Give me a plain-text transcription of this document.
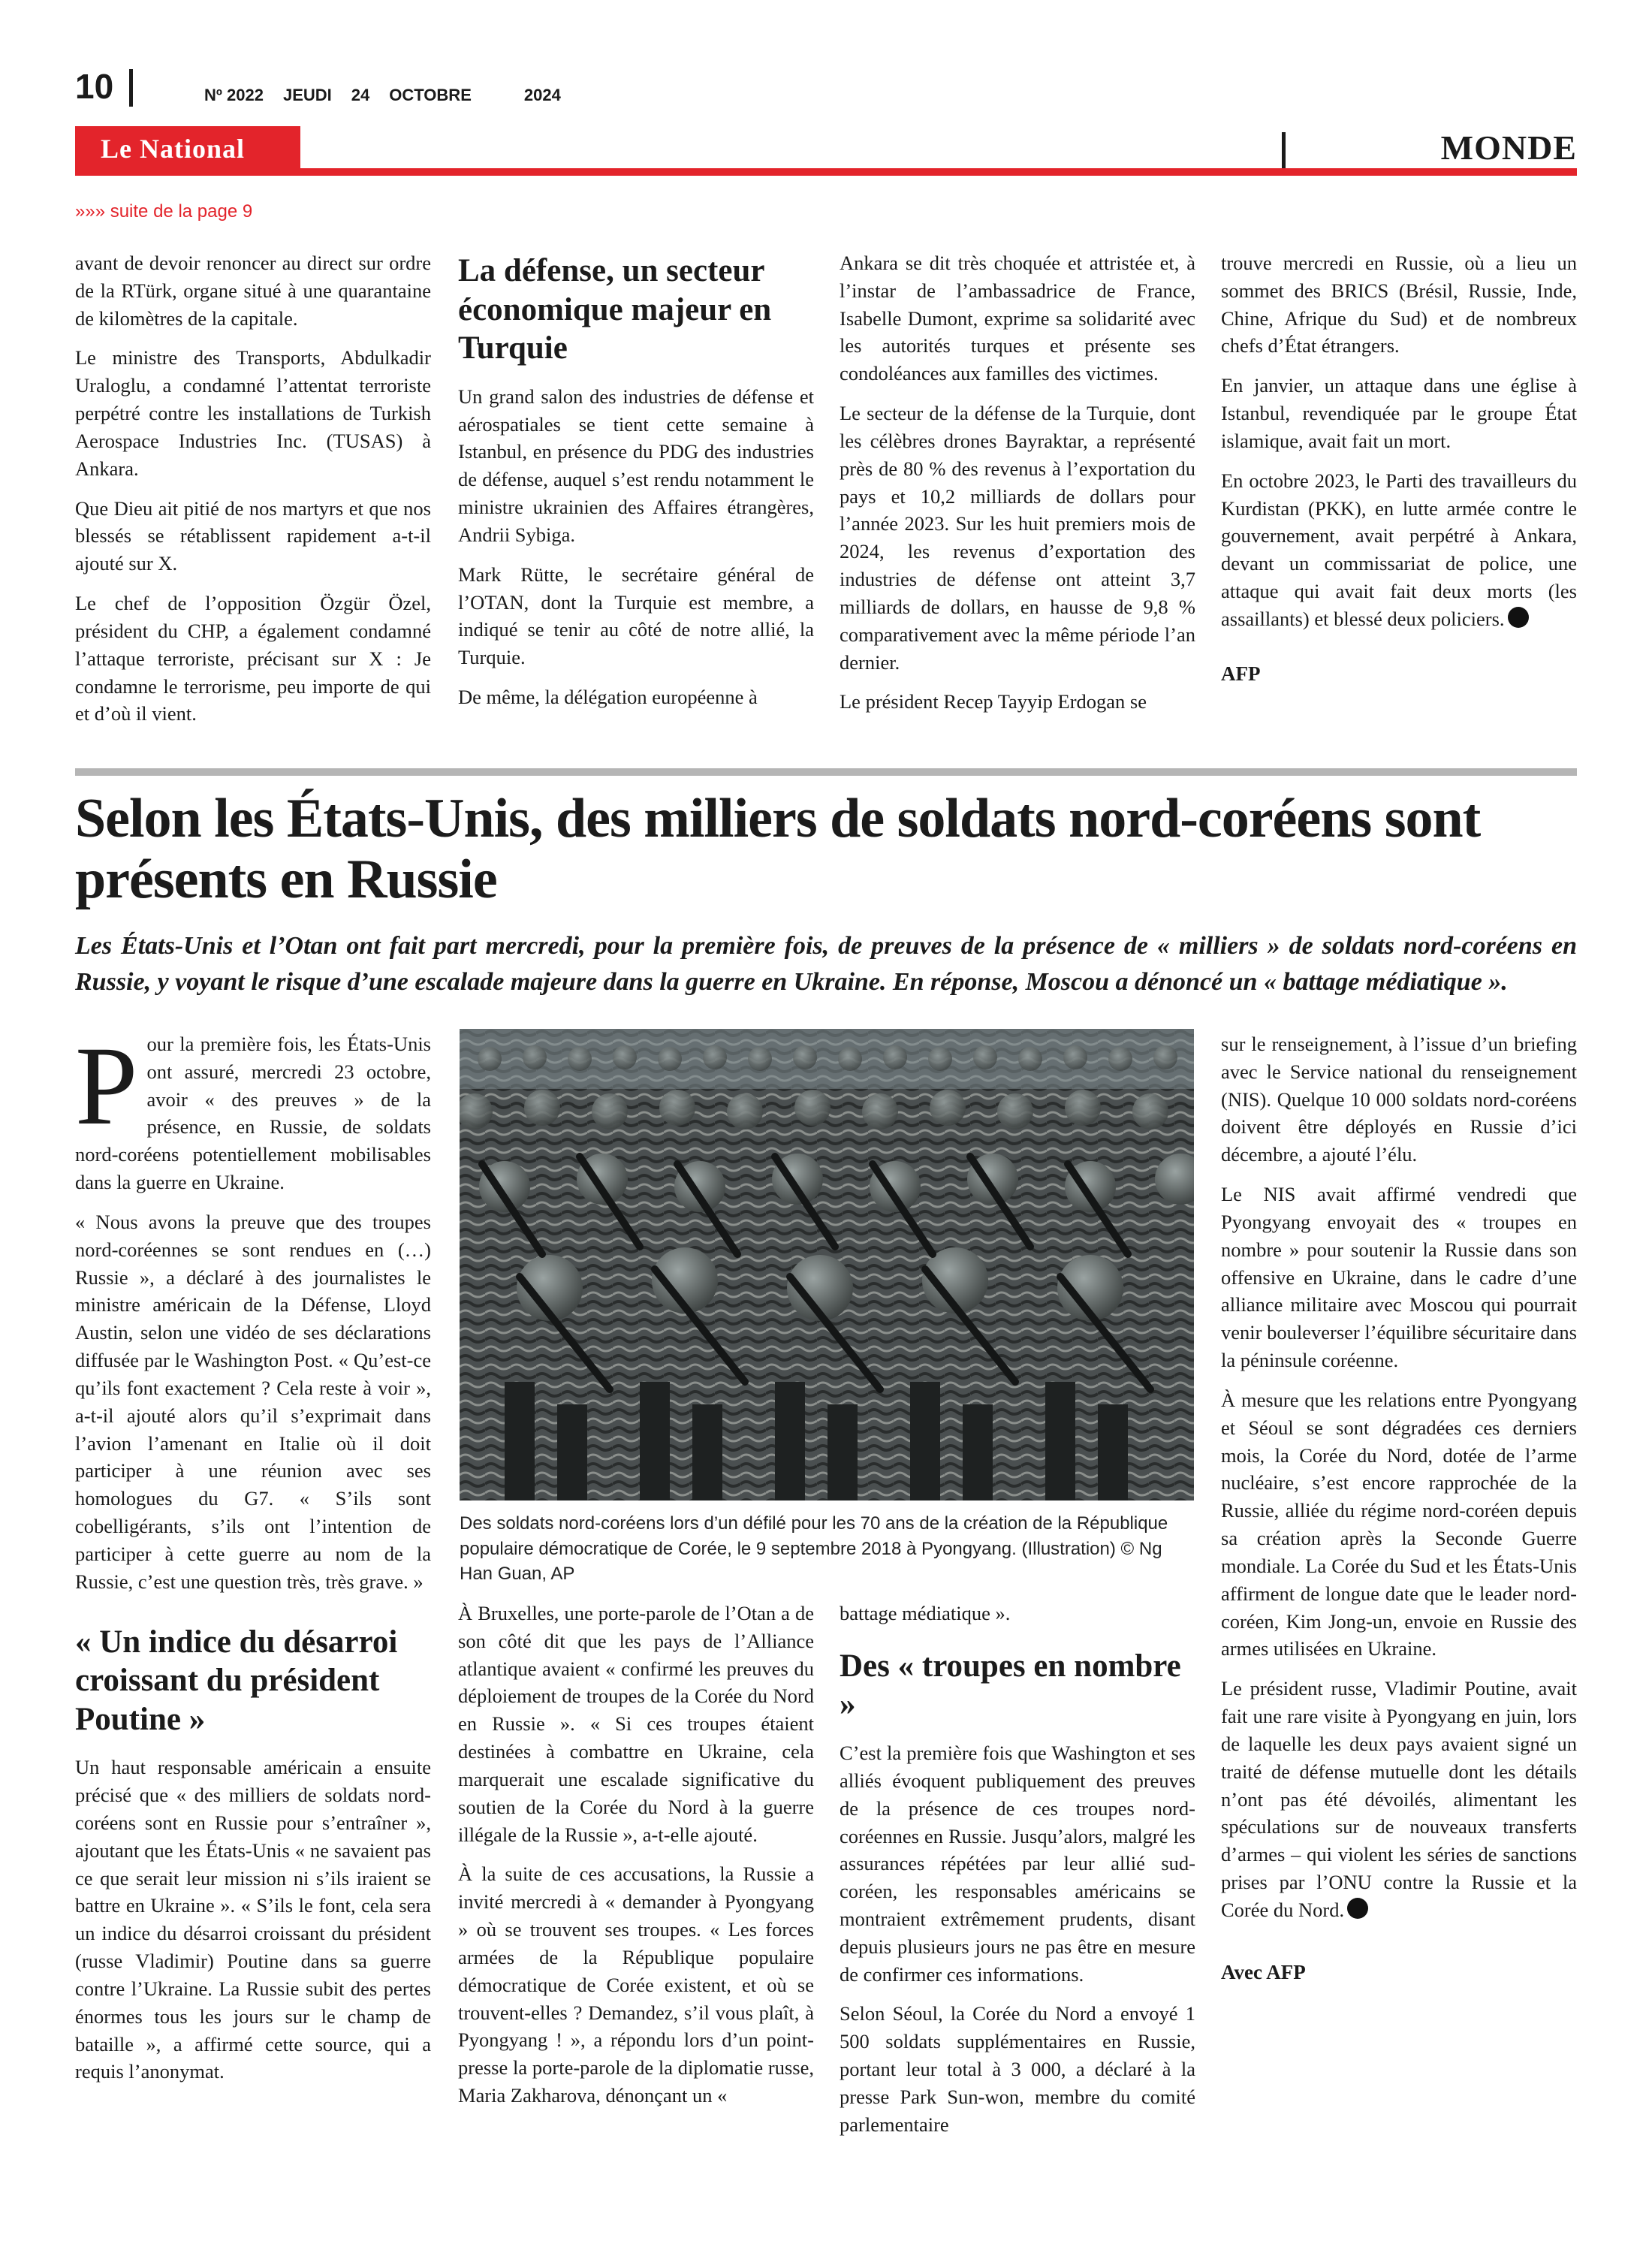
10	Nº 2022 JEUDI 24 OCTOBRE	2024
Le National	MONDE
»»» suite de la page 9

avant de devoir renoncer au direct sur ordre de la RTürk, organe situé à une quarantaine de kilomètres de la capitale.

Le ministre des Transports, Abdulkadir Uraloglu, a condamné l’attentat terroriste perpétré contre les installations de Turkish Aerospace Industries Inc. (TUSAS) à Ankara.

Que Dieu ait pitié de nos martyrs et que nos blessés se rétablissent rapidement a-t-il ajouté sur X.

Le chef de l’opposition Özgür Özel, président du CHP, a également condamné l’attaque terroriste, précisant sur X : Je condamne le terrorisme, peu importe de qui et d’où il vient.

La défense, un secteur économique majeur en Turquie

Un grand salon des industries de défense et aérospatiales se tient cette semaine à Istanbul, en présence du PDG des industries de défense, auquel s’est rendu notamment le ministre ukrainien des Affaires étrangères, Andrii Sybiga.

Mark Rütte, le secrétaire général de l’OTAN, dont la Turquie est membre, a indiqué se tenir au côté de notre allié, la Turquie.

De même, la délégation européenne à

Ankara se dit très choquée et attristée et, à l’instar de l’ambassadrice de France, Isabelle Dumont, exprime sa solidarité avec les autorités turques et présente ses condoléances aux familles des victimes.

Le secteur de la défense de la Turquie, dont les célèbres drones Bayraktar, a représenté près de 80 % des revenus à l’exportation du pays et 10,2 milliards de dollars pour l’année 2023. Sur les huit premiers mois de 2024, les revenus d’exportation des industries de défense ont atteint 3,7 milliards de dollars, en hausse de 9,8 % comparativement avec la même période l’an dernier.

Le président Recep Tayyip Erdogan se

trouve mercredi en Russie, où a lieu un sommet des BRICS (Brésil, Russie, Inde, Chine, Afrique du Sud) et de nombreux chefs d’État étrangers.

En janvier, un attaque dans une église à Istanbul, revendiquée par le groupe État islamique, avait fait un mort.

En octobre 2023, le Parti des travailleurs du Kurdistan (PKK), en lutte armée contre le gouvernement, avait perpétré à Ankara, devant un commissariat de police, une attaque qui avait fait deux morts (les assaillants) et blessé deux policiers.

AFP

Selon les États-Unis, des milliers de soldats nord-coréens sont présents en Russie
Les États-Unis et l’Otan ont fait part mercredi, pour la première fois, de preuves de la présence de « milliers » de soldats nord-coréens en Russie, y voyant le risque d’une escalade majeure dans la guerre en Ukraine. En réponse, Moscou a dénoncé un « battage médiatique ».

Pour la première fois, les États-Unis ont assuré, mercredi 23 octobre, avoir « des preuves » de la présence, en Russie, de soldats nord-coréens potentiellement mobilisables dans la guerre en Ukraine.

« Nous avons la preuve que des troupes nord-coréennes se sont rendues en (…) Russie », a déclaré à des journalistes le ministre américain de la Défense, Lloyd Austin, selon une vidéo de ses déclarations diffusée par le Washington Post. « Qu’est-ce qu’ils font exactement ? Cela reste à voir », a-t-il ajouté alors qu’il s’exprimait dans l’avion l’amenant en Italie où il doit participer à une réunion avec ses homologues du G7. « S’ils sont cobelligérants, s’ils ont l’intention de participer à cette guerre au nom de la Russie, c’est une question très, très grave. »

« Un indice du désarroi croissant du président Poutine »

Un haut responsable américain a ensuite précisé que « des milliers de soldats nord-coréens sont en Russie pour s’entraîner », ajoutant que les États-Unis « ne savaient pas ce que serait leur mission ni s’ils iraient se battre en Ukraine ». « S’ils le font, cela sera un indice du désarroi croissant du président (russe Vladimir) Poutine dans sa guerre contre l’Ukraine. La Russie subit des pertes énormes tous les jours sur le champ de bataille », a affirmé cette source, qui a requis l’anonymat.

Des soldats nord-coréens lors d’un défilé pour les 70 ans de la création de la République populaire démocratique de Corée, le 9 septembre 2018 à Pyongyang. (Illustration) © Ng Han Guan, AP

À Bruxelles, une porte-parole de l’Otan a de son côté dit que les pays de l’Alliance atlantique avaient « confirmé les preuves du déploiement de troupes de la Corée du Nord en Russie ». « Si ces troupes étaient destinées à combattre en Ukraine, cela marquerait une escalade significative du soutien de la Corée du Nord à la guerre illégale de la Russie », a-t-elle ajouté.

À la suite de ces accusations, la Russie a invité mercredi à « demander à Pyongyang » où se trouvent ses troupes. « Les forces armées de la République populaire démocratique de Corée existent, et où se trouvent-elles ? Demandez, s’il vous plaît, à Pyongyang ! », a répondu lors d’un point-presse la porte-parole de la diplomatie russe, Maria Zakharova, dénonçant un «

battage médiatique ».

Des « troupes en nombre »

C’est la première fois que Washington et ses alliés évoquent publiquement des preuves de la présence de ces troupes nord-coréennes en Russie. Jusqu’alors, malgré les assurances répétées par leur allié sud-coréen, les responsables américains se montraient extrêmement prudents, disant depuis plusieurs jours ne pas être en mesure de confirmer ces informations.

Selon Séoul, la Corée du Nord a envoyé 1 500 soldats supplémentaires en Russie, portant leur total à 3 000, a déclaré à la presse Park Sun-won, membre du comité parlementaire

sur le renseignement, à l’issue d’un briefing avec le Service national du renseignement (NIS). Quelque 10 000 soldats nord-coréens doivent être déployés en Russie d’ici décembre, a ajouté l’élu.

Le NIS avait affirmé vendredi que Pyongyang envoyait des « troupes en nombre » pour soutenir la Russie dans son offensive en Ukraine, dans le cadre d’une alliance militaire avec Moscou qui pourrait venir bouleverser l’équilibre sécuritaire dans la péninsule coréenne.

À mesure que les relations entre Pyongyang et Séoul se sont dégradées ces derniers mois, la Corée du Nord, dotée de l’arme nucléaire, s’est encore rapprochée de la Russie, alliée du régime nord-coréen depuis sa création après la Seconde Guerre mondiale. La Corée du Sud et les États-Unis affirment de longue date que le leader nord-coréen, Kim Jong-un, envoie en Russie des armes utilisées en Ukraine.

Le président russe, Vladimir Poutine, avait fait une rare visite à Pyongyang en juin, lors de laquelle les deux pays avaient signé un traité de défense mutuelle dont les détails n’ont pas été dévoilés, alimentant les spéculations sur de nouveaux transferts d’armes – qui violent les séries de sanctions prises par l’ONU contre la Russie et la Corée du Nord.

Avec AFP
